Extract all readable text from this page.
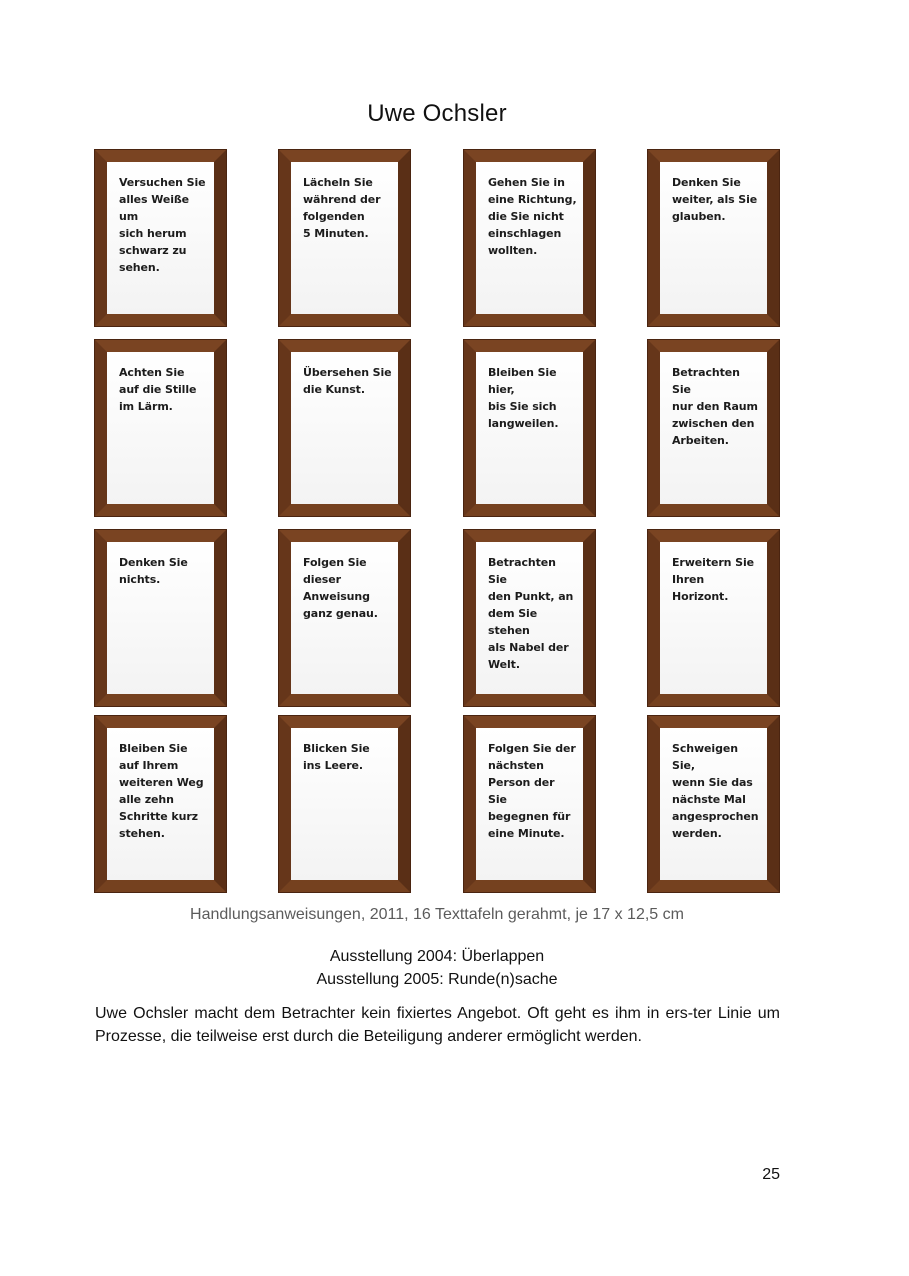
Uwe Ochsler
Versuchen Sie
alles Weiße um
sich herum
schwarz zu
sehen.
Lächeln Sie
während der
folgenden
5 Minuten.
Gehen Sie in
eine Richtung,
die Sie nicht
einschlagen
wollten.
Denken Sie
weiter, als Sie
glauben.
Achten Sie
auf die Stille
im Lärm.
Übersehen Sie
die Kunst.
Bleiben Sie hier,
bis Sie sich
langweilen.
Betrachten Sie
nur den Raum
zwischen den
Arbeiten.
Denken Sie
nichts.
Folgen Sie
dieser
Anweisung
ganz genau.
Betrachten Sie
den Punkt, an
dem Sie stehen
als Nabel der
Welt.
Erweitern Sie
Ihren Horizont.
Bleiben Sie
auf Ihrem
weiteren Weg
alle zehn
Schritte kurz
stehen.
Blicken Sie
ins Leere.
Folgen Sie der
nächsten
Person der Sie
begegnen für
eine Minute.
Schweigen Sie,
wenn Sie das
nächste Mal
angesprochen
werden.
Handlungsanweisungen, 2011, 16 Texttafeln gerahmt, je 17 x 12,5 cm
Ausstellung 2004: Überlappen
Ausstellung 2005: Runde(n)sache
Uwe Ochsler macht dem Betrachter kein fixiertes Angebot. Oft geht es ihm in ers-ter Linie um Prozesse, die teilweise erst durch die Beteiligung anderer ermöglicht werden.
25
